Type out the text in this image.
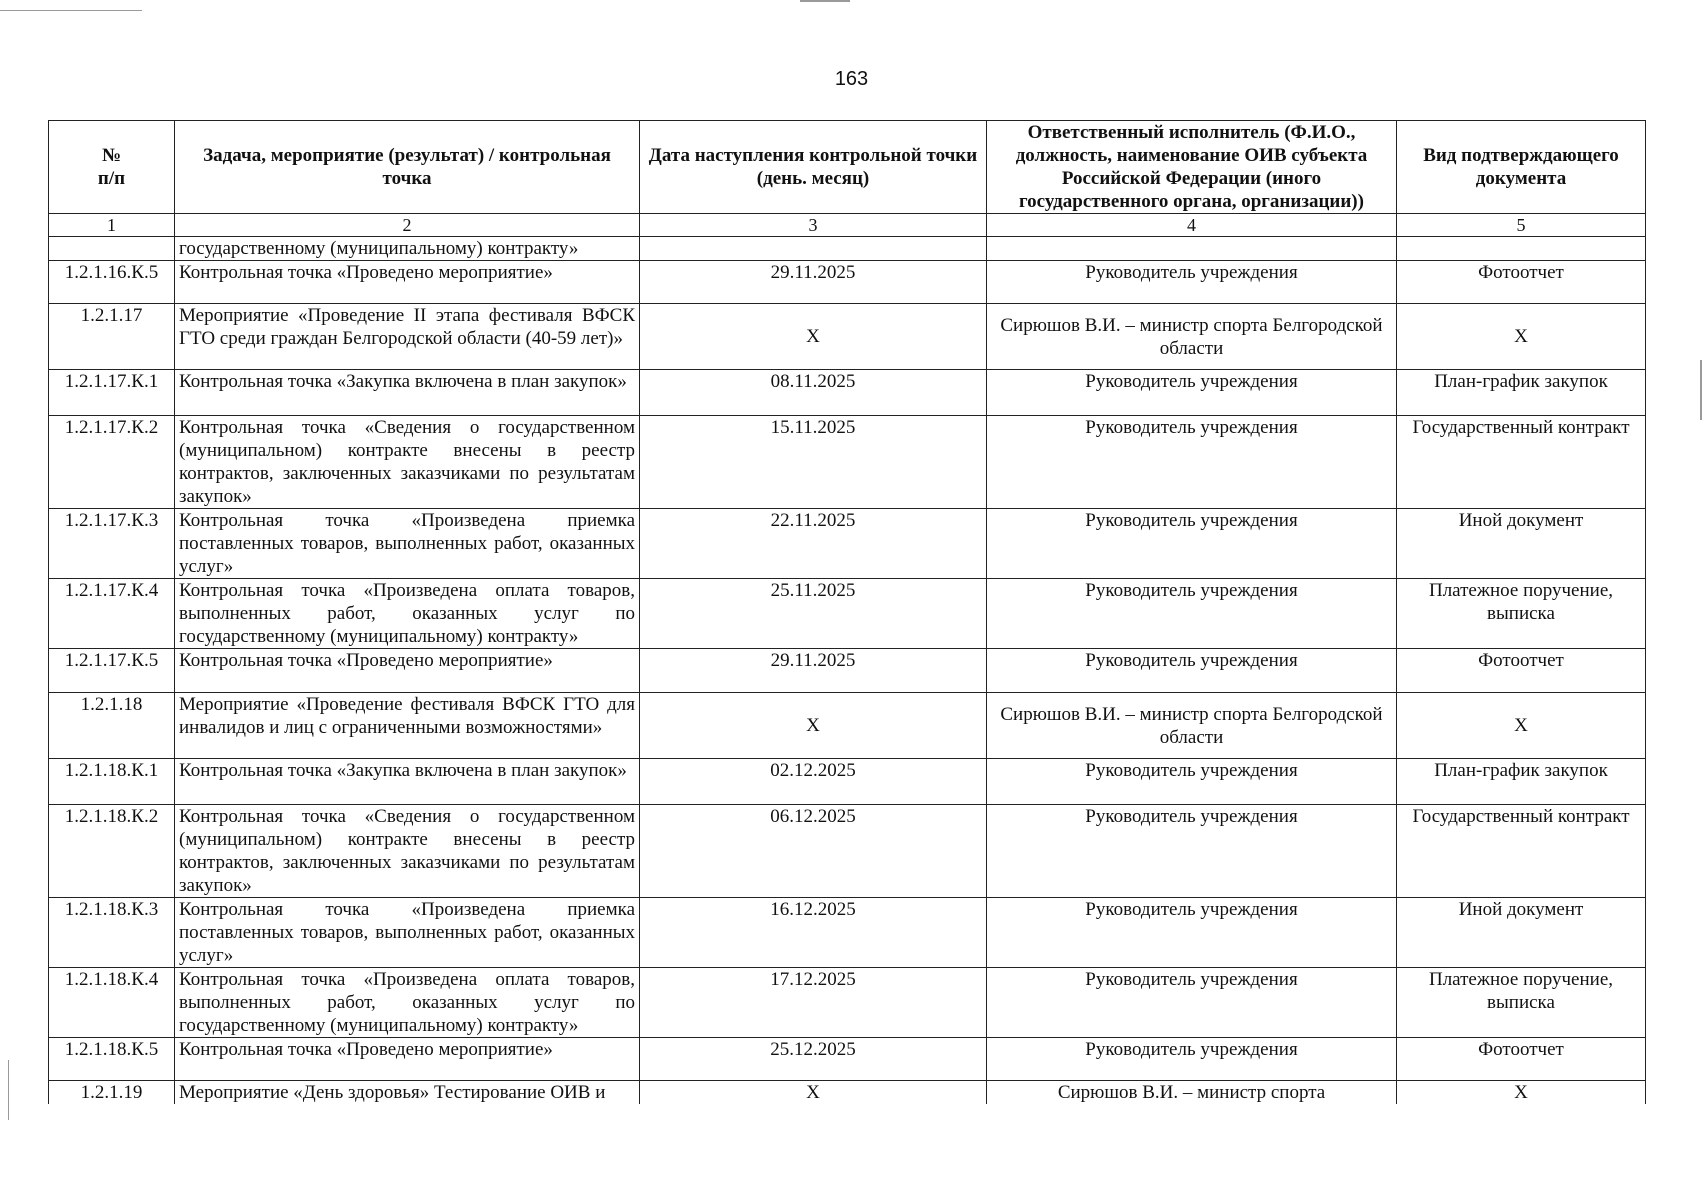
163
№
п/п	Задача, мероприятие (результат) / контрольная точка	Дата наступления контрольной точки (день. месяц)	Ответственный исполнитель (Ф.И.О., должность, наименование ОИВ субъекта Российской Федерации (иного государственного органа, организации))	Вид подтверждающего документа
1	2	3	4	5
	государственному (муниципальному) контракту»			
1.2.1.16.К.5	Контрольная точка «Проведено мероприятие»	29.11.2025	Руководитель учреждения	Фотоотчет
1.2.1.17	Мероприятие «Проведение II этапа фестиваля ВФСК ГТО среди граждан Белгородской области (40-59 лет)»	Х	Сирюшов В.И. – министр спорта Белгородской области	Х
1.2.1.17.К.1	Контрольная точка «Закупка включена в план закупок»	08.11.2025	Руководитель учреждения	План-график закупок
1.2.1.17.К.2	Контрольная точка «Сведения о государственном (муниципальном) контракте внесены в реестр контрактов, заключенных заказчиками по результатам закупок»	15.11.2025	Руководитель учреждения	Государственный контракт
1.2.1.17.К.3	Контрольная точка «Произведена приемка поставленных товаров, выполненных работ, оказанных услуг»	22.11.2025	Руководитель учреждения	Иной документ
1.2.1.17.К.4	Контрольная точка «Произведена оплата товаров, выполненных работ, оказанных услуг по государственному (муниципальному) контракту»	25.11.2025	Руководитель учреждения	Платежное поручение, выписка
1.2.1.17.К.5	Контрольная точка «Проведено мероприятие»	29.11.2025	Руководитель учреждения	Фотоотчет
1.2.1.18	Мероприятие «Проведение фестиваля ВФСК ГТО для инвалидов и лиц с ограниченными возможностями»	Х	Сирюшов В.И. – министр спорта Белгородской области	Х
1.2.1.18.К.1	Контрольная точка «Закупка включена в план закупок»	02.12.2025	Руководитель учреждения	План-график закупок
1.2.1.18.К.2	Контрольная точка «Сведения о государственном (муниципальном) контракте внесены в реестр контрактов, заключенных заказчиками по результатам закупок»	06.12.2025	Руководитель учреждения	Государственный контракт
1.2.1.18.К.3	Контрольная точка «Произведена приемка поставленных товаров, выполненных работ, оказанных услуг»	16.12.2025	Руководитель учреждения	Иной документ
1.2.1.18.К.4	Контрольная точка «Произведена оплата товаров, выполненных работ, оказанных услуг по государственному (муниципальному) контракту»	17.12.2025	Руководитель учреждения	Платежное поручение, выписка
1.2.1.18.К.5	Контрольная точка «Проведено мероприятие»	25.12.2025	Руководитель учреждения	Фотоотчет
1.2.1.19	Мероприятие «День здоровья» Тестирование ОИВ и	Х	Сирюшов В.И. – министр спорта	Х
